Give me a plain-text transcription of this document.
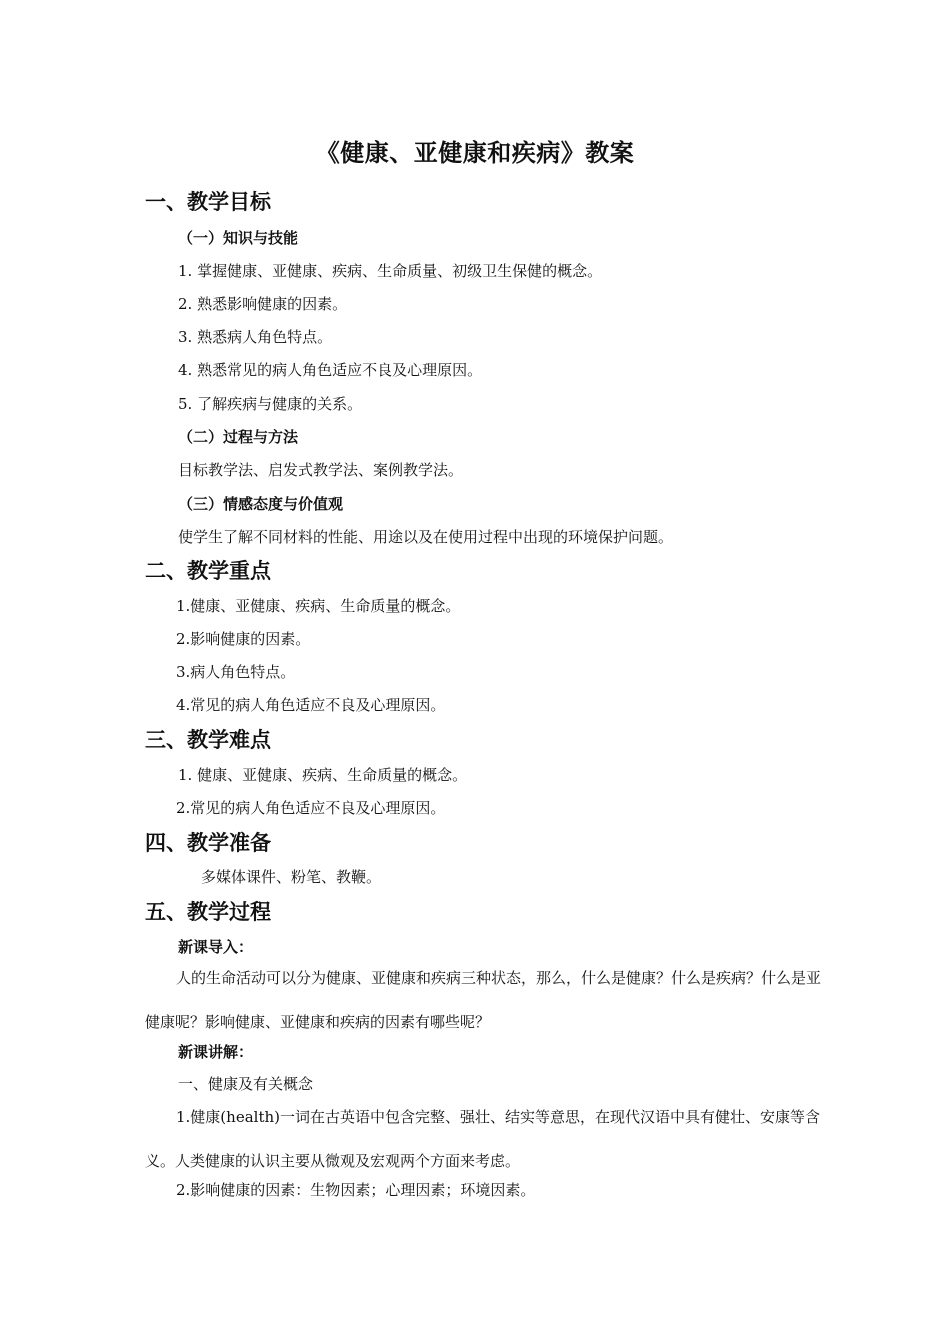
《健康、亚健康和疾病》教案
一、教学目标
（一）知识与技能
1. 掌握健康、亚健康、疾病、生命质量、初级卫生保健的概念。
2. 熟悉影响健康的因素。
3. 熟悉病人角色特点。
4. 熟悉常见的病人角色适应不良及心理原因。
5. 了解疾病与健康的关系。
（二）过程与方法
目标教学法、启发式教学法、案例教学法。
（三）情感态度与价值观
使学生了解不同材料的性能、用途以及在使用过程中出现的环境保护问题。
二、教学重点
1.健康、亚健康、疾病、生命质量的概念。
2.影响健康的因素。
3.病人角色特点。
4.常见的病人角色适应不良及心理原因。
三、教学难点
1. 健康、亚健康、疾病、生命质量的概念。
2.常见的病人角色适应不良及心理原因。
四、教学准备
多媒体课件、粉笔、教鞭。
五、教学过程
新课导入：
人的生命活动可以分为健康、亚健康和疾病三种状态，那么，什么是健康？什么是疾病？什么是亚健康呢？影响健康、亚健康和疾病的因素有哪些呢？
新课讲解：
一、健康及有关概念
1.健康(health)一词在古英语中包含完整、强壮、结实等意思，在现代汉语中具有健壮、安康等含义。人类健康的认识主要从微观及宏观两个方面来考虑。
2.影响健康的因素：生物因素；心理因素；环境因素。
